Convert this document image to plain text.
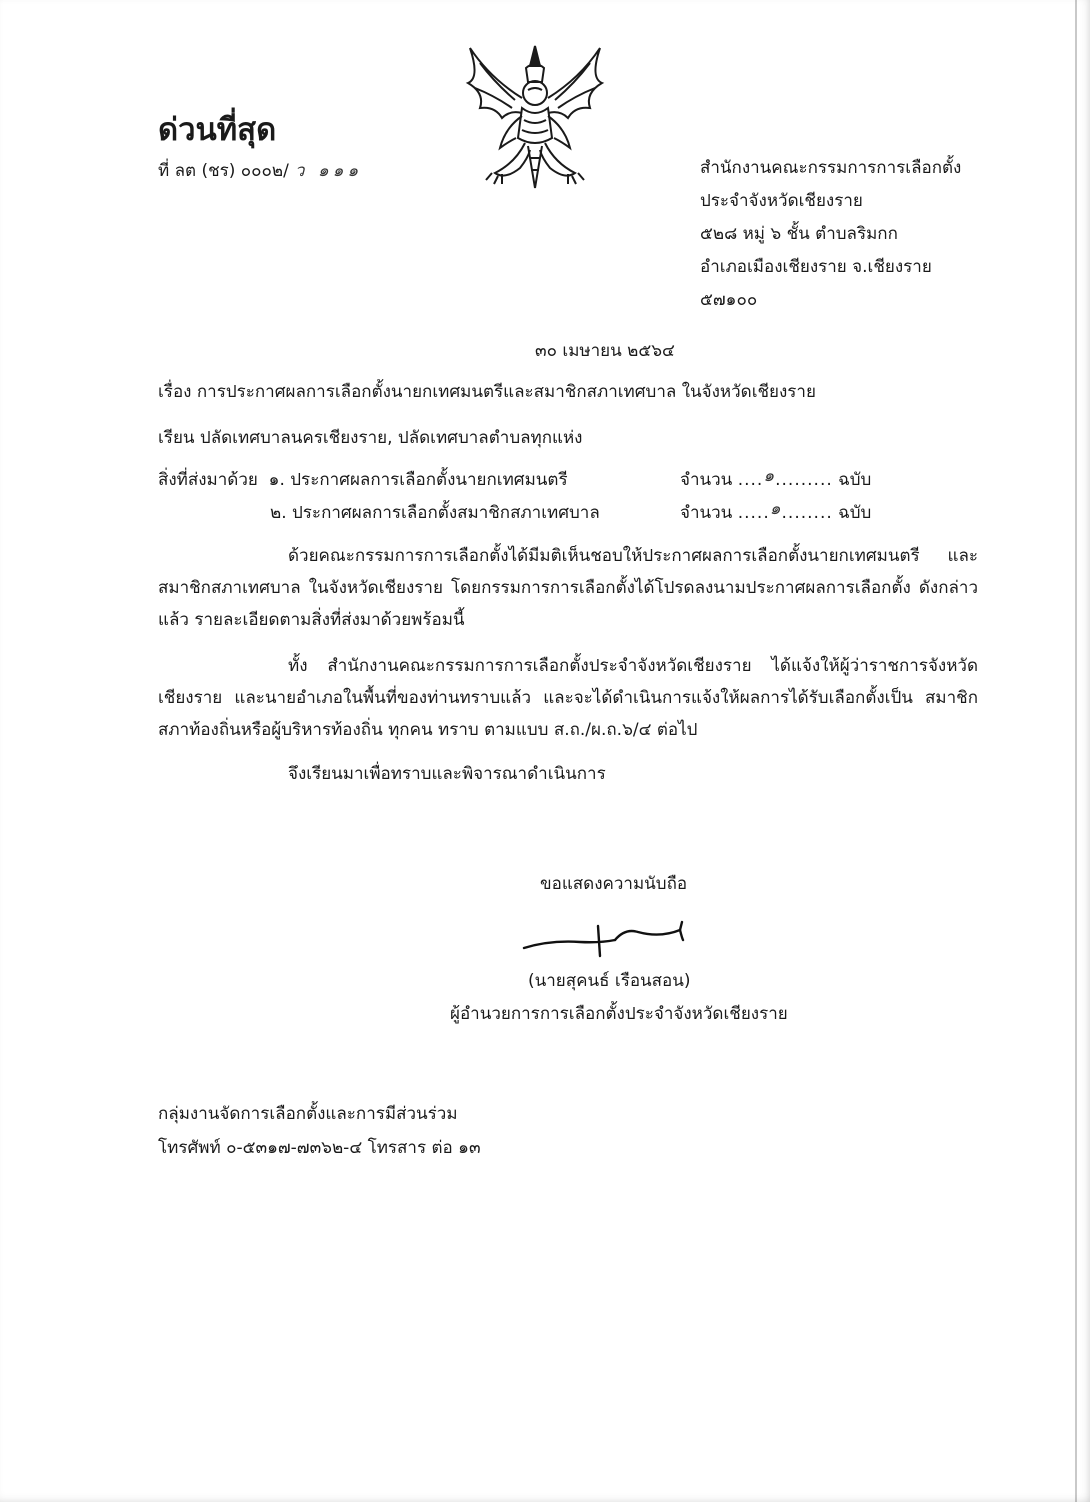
ด่วนที่สุด
ที่ ลต (ชร) ๐๐๐๒/ ว ๑๑๑	สำนักงานคณะกรรมการการเลือกตั้ง
ประจำจังหวัดเชียงราย
๕๒๘ หมู่ ๖ ชั้น ตำบลริมกก
อำเภอเมืองเชียงราย จ.เชียงราย
๕๗๑๐๐
๓๐ เมษายน ๒๕๖๔
เรื่อง การประกาศผลการเลือกตั้งนายกเทศมนตรีและสมาชิกสภาเทศบาล ในจังหวัดเชียงราย
เรียน ปลัดเทศบาลนครเชียงราย, ปลัดเทศบาลตำบลทุกแห่ง
สิ่งที่ส่งมาด้วย ๑. ประกาศผลการเลือกตั้งนายกเทศมนตรี	จำนวน ....๑......... ฉบับ
๒. ประกาศผลการเลือกตั้งสมาชิกสภาเทศบาล	จำนวน .....๑........ ฉบับ
ด้วยคณะกรรมการการเลือกตั้งได้มีมติเห็นชอบให้ประกาศผลการเลือกตั้งนายกเทศมนตรี และสมาชิกสภาเทศบาล ในจังหวัดเชียงราย โดยกรรมการการเลือกตั้งได้โปรดลงนามประกาศผลการเลือกตั้ง ดังกล่าวแล้ว รายละเอียดตามสิ่งที่ส่งมาด้วยพร้อมนี้
ทั้ง สำนักงานคณะกรรมการการเลือกตั้งประจำจังหวัดเชียงราย ได้แจ้งให้ผู้ว่าราชการจังหวัด เชียงราย และนายอำเภอในพื้นที่ของท่านทราบแล้ว และจะได้ดำเนินการแจ้งให้ผลการได้รับเลือกตั้งเป็น สมาชิกสภาท้องถิ่นหรือผู้บริหารท้องถิ่น ทุกคน ทราบ ตามแบบ ส.ถ./ผ.ถ.๖/๔ ต่อไป
จึงเรียนมาเพื่อทราบและพิจารณาดำเนินการ
ขอแสดงความนับถือ
(นายสุคนธ์ เรือนสอน)
ผู้อำนวยการการเลือกตั้งประจำจังหวัดเชียงราย
กลุ่มงานจัดการเลือกตั้งและการมีส่วนร่วม
โทรศัพท์ ๐-๕๓๑๗-๗๓๖๒-๔ โทรสาร ต่อ ๑๓
